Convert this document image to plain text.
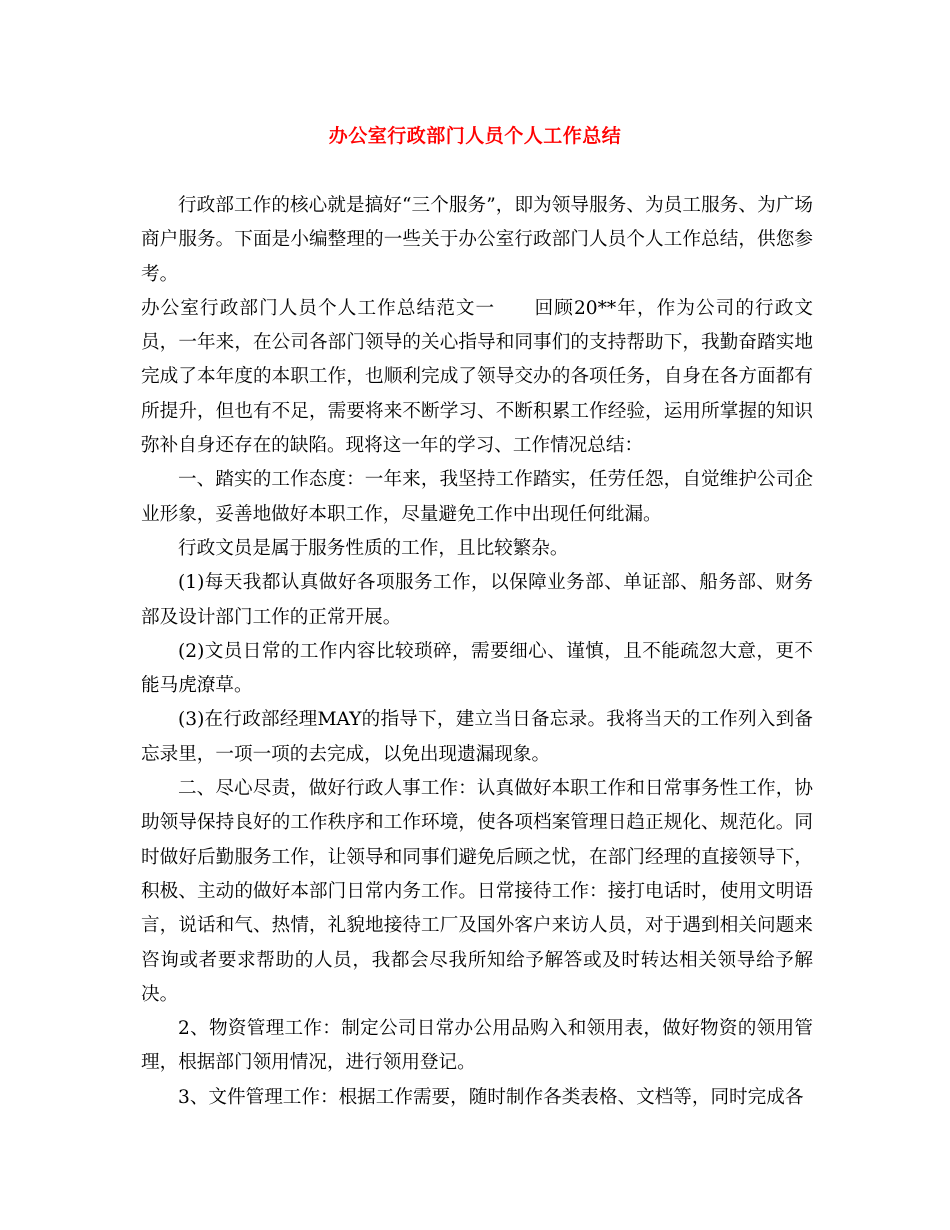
办公室行政部门人员个人工作总结

行政部工作的核心就是搞好“三个服务”，即为领导服务、为员工服务、为广场商户服务。下面是小编整理的一些关于办公室行政部门人员个人工作总结，供您参考。

办公室行政部门人员个人工作总结范文一　　回顾20**年，作为公司的行政文员，一年来，在公司各部门领导的关心指导和同事们的支持帮助下，我勤奋踏实地完成了本年度的本职工作，也顺利完成了领导交办的各项任务，自身在各方面都有所提升，但也有不足，需要将来不断学习、不断积累工作经验，运用所掌握的知识弥补自身还存在的缺陷。现将这一年的学习、工作情况总结：

一、踏实的工作态度：一年来，我坚持工作踏实，任劳任怨，自觉维护公司企业形象，妥善地做好本职工作，尽量避免工作中出现任何纰漏。

行政文员是属于服务性质的工作，且比较繁杂。

(1)每天我都认真做好各项服务工作，以保障业务部、单证部、船务部、财务部及设计部门工作的正常开展。

(2)文员日常的工作内容比较琐碎，需要细心、谨慎，且不能疏忽大意，更不能马虎潦草。

(3)在行政部经理MAY的指导下，建立当日备忘录。我将当天的工作列入到备忘录里，一项一项的去完成，以免出现遗漏现象。

二、尽心尽责，做好行政人事工作：认真做好本职工作和日常事务性工作，协助领导保持良好的工作秩序和工作环境，使各项档案管理日趋正规化、规范化。同时做好后勤服务工作，让领导和同事们避免后顾之忧，在部门经理的直接领导下，积极、主动的做好本部门日常内务工作。日常接待工作：接打电话时，使用文明语言，说话和气、热情，礼貌地接待工厂及国外客户来访人员，对于遇到相关问题来咨询或者要求帮助的人员，我都会尽我所知给予解答或及时转达相关领导给予解决。

2、物资管理工作：制定公司日常办公用品购入和领用表，做好物资的领用管理，根据部门领用情况，进行领用登记。

3、文件管理工作：根据工作需要，随时制作各类表格、文档等，同时完成各
